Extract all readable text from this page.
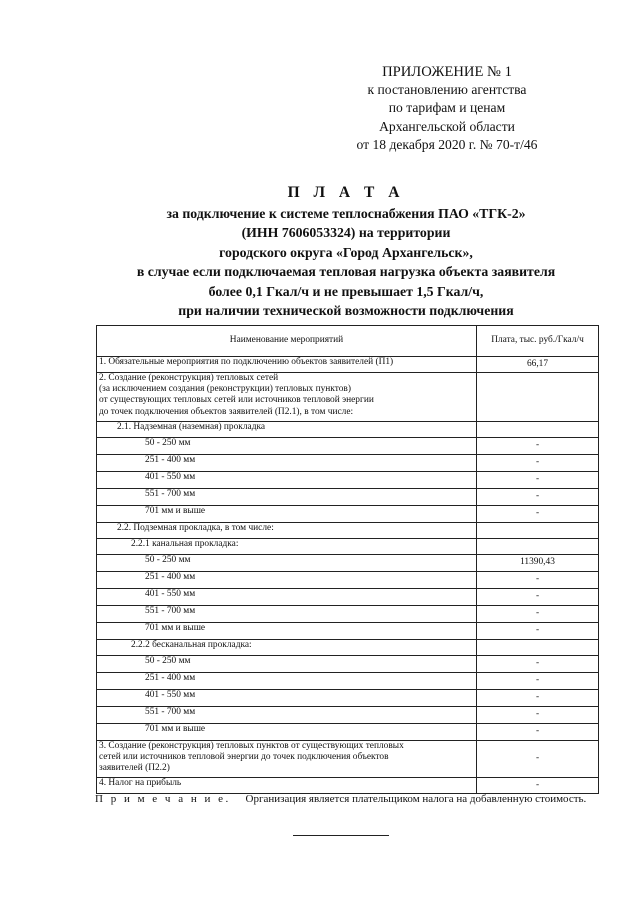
ПРИЛОЖЕНИЕ № 1
к постановлению агентства
по тарифам и ценам
Архангельской области
от 18 декабря 2020 г. № 70-т/46
П Л А Т А
за подключение к системе теплоснабжения ПАО «ТГК-2»
(ИНН 7606053324) на территории
городского округа «Город Архангельск»,
в случае если подключаемая тепловая нагрузка объекта заявителя
более 0,1 Гкал/ч и не превышает 1,5 Гкал/ч,
при наличии технической возможности подключения
Наименование мероприятий	Плата, тыс. руб./Гкал/ч
1. Обязательные мероприятия по подключению объектов заявителей (П1)	66,17

2. Создание (реконструкция) тепловых сетей
(за исключением создания (реконструкции) тепловых пунктов)
от существующих тепловых сетей или источников тепловой энергии
до точек подключения объектов заявителей (П2.1), в том числе:	

2.1. Надземная (наземная) прокладка	
50 - 250 мм	-
251 - 400 мм	-
401 - 550 мм	-
551 - 700 мм	-
701 мм и выше	-
2.2. Подземная прокладка, в том числе:	
2.2.1 канальная прокладка:	
50 - 250 мм	11390,43
251 - 400 мм	-
401 - 550 мм	-
551 - 700 мм	-
701 мм и выше	-
2.2.2 бесканальная прокладка:	
50 - 250 мм	-
251 - 400 мм	-
401 - 550 мм	-
551 - 700 мм	-
701 мм и выше	-

3. Создание (реконструкция) тепловых пунктов от существующих тепловых
сетей или источников тепловой энергии до точек подключения объектов
заявителей (П2.2)	-
4. Налог на прибыль	-
П р и м е ч а н и е. Организация является плательщиком налога на добавленную стоимость.
